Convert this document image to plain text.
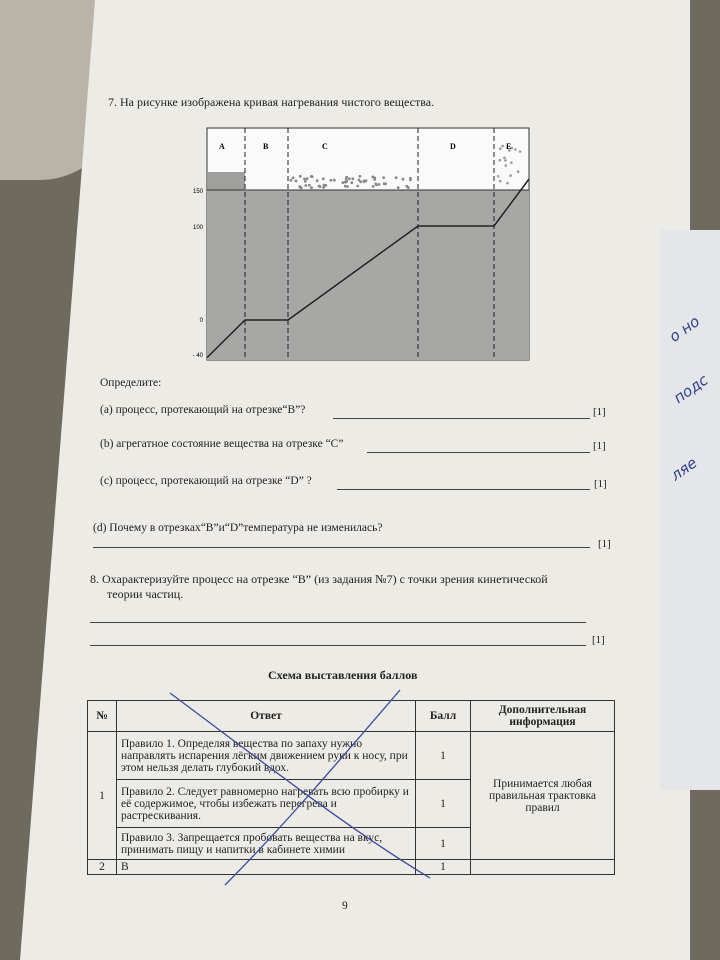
о но
подс
ляе
7. На рисунке изображена кривая нагревания чистого вещества.
A	B	C	D	E
150
100
0
- 40
Определите:
(a) процесс, протекающий на отрезке“B”?	[1]
(b) агрегатное состояние вещества на отрезке “С”	[1]
(c) процесс, протекающий на отрезке “D” ?	[1]
(d) Почему в отрезках“B”и“D”температура не изменилась?
[1]
8. Охарактеризуйте процесс на отрезке “B” (из задания №7) с точки зрения кинетической
теории частиц.
[1]
Схема выставления баллов
№	Ответ	Балл	Дополнительная информация
1	Правило 1. Определяя вещества по запаху нужно направлять испарения лёгким движением руки к носу, при этом нельзя делать глубокий вдох.	1	Принимается любая правильная трактовка правил
	Правило 2. Следует равномерно нагревать всю пробирку и её содержимое, чтобы избежать перегрева и растрескивания.	1	
	Правило 3. Запрещается пробовать вещества на вкус, принимать пищу и напитки в кабинете химии	1	
2	B	1	
9
